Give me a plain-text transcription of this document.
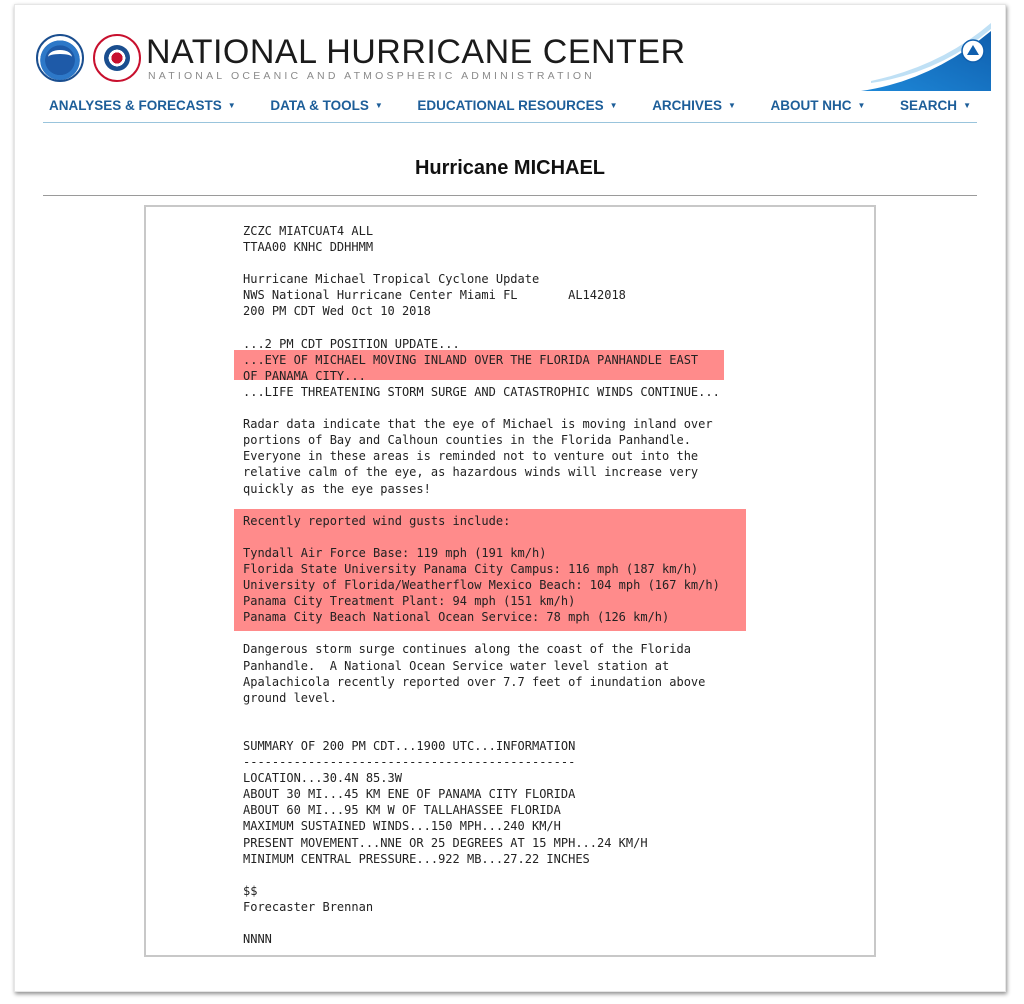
NATIONAL HURRICANE CENTER
NATIONAL OCEANIC AND ATMOSPHERIC ADMINISTRATION
ANALYSES & FORECASTS ▼	DATA & TOOLS ▼	EDUCATIONAL RESOURCES ▼	ARCHIVES ▼	ABOUT NHC ▼	SEARCH ▼
Hurricane MICHAEL
ZCZC MIATCUAT4 ALL
TTAA00 KNHC DDHHMM
Hurricane Michael Tropical Cyclone Update
NWS National Hurricane Center Miami FL       AL142018
200 PM CDT Wed Oct 10 2018
...2 PM CDT POSITION UPDATE...
...EYE OF MICHAEL MOVING INLAND OVER THE FLORIDA PANHANDLE EAST
OF PANAMA CITY...
...LIFE THREATENING STORM SURGE AND CATASTROPHIC WINDS CONTINUE...
Radar data indicate that the eye of Michael is moving inland over
portions of Bay and Calhoun counties in the Florida Panhandle.
Everyone in these areas is reminded not to venture out into the
relative calm of the eye, as hazardous winds will increase very
quickly as the eye passes!
Recently reported wind gusts include:
Tyndall Air Force Base: 119 mph (191 km/h)
Florida State University Panama City Campus: 116 mph (187 km/h)
University of Florida/Weatherflow Mexico Beach: 104 mph (167 km/h)
Panama City Treatment Plant: 94 mph (151 km/h)
Panama City Beach National Ocean Service: 78 mph (126 km/h)
Dangerous storm surge continues along the coast of the Florida
Panhandle.  A National Ocean Service water level station at
Apalachicola recently reported over 7.7 feet of inundation above
ground level.
SUMMARY OF 200 PM CDT...1900 UTC...INFORMATION
----------------------------------------------
LOCATION...30.4N 85.3W
ABOUT 30 MI...45 KM ENE OF PANAMA CITY FLORIDA
ABOUT 60 MI...95 KM W OF TALLAHASSEE FLORIDA
MAXIMUM SUSTAINED WINDS...150 MPH...240 KM/H
PRESENT MOVEMENT...NNE OR 25 DEGREES AT 15 MPH...24 KM/H
MINIMUM CENTRAL PRESSURE...922 MB...27.22 INCHES
$$
Forecaster Brennan
NNNN
